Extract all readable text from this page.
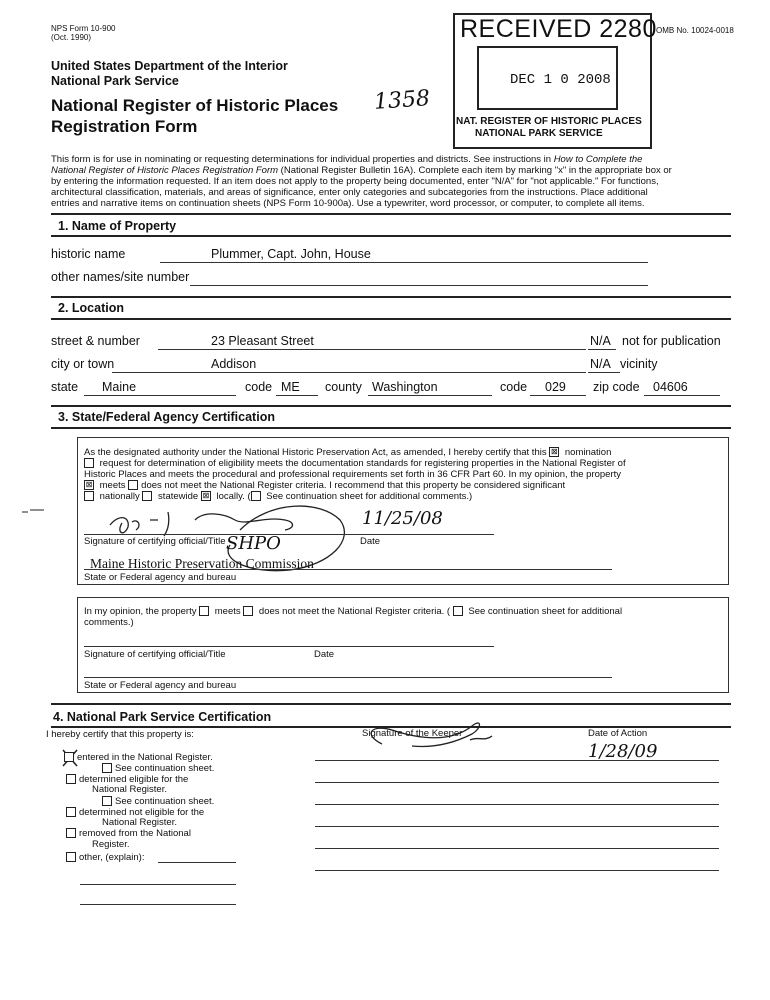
NPS Form 10-900
(Oct. 1990)
OMB No. 10024-0018
United States Department of the Interior
National Park Service
National Register of Historic Places
Registration Form
1358
RECEIVED 2280
DEC 1 0 2008
NAT. REGISTER OF HISTORIC PLACES
NATIONAL PARK SERVICE
This form is for use in nominating or requesting determinations for individual properties and districts. See instructions in How to Complete the
National Register of Historic Places Registration Form (National Register Bulletin 16A). Complete each item by marking "x" in the appropriate box or
by entering the information requested. If an item does not apply to the property being documented, enter "N/A" for "not applicable." For functions,
architectural classification, materials, and areas of significance, enter only categories and subcategories from the instructions. Place additional
entries and narrative items on continuation sheets (NPS Form 10-900a). Use a typewriter, word processor, or computer, to complete all items.
1. Name of Property
historic name	Plummer, Capt. John, House
other names/site number
2. Location
street & number	23 Pleasant Street	N/A not for publication
city or town	Addison	N/A vicinity
state Maine	code ME county Washington	code 029 zip code 04606
3. State/Federal Agency Certification
As the designated authority under the National Historic Preservation Act, as amended, I hereby certify that this ⊠ nomination
request for determination of eligibility meets the documentation standards for registering properties in the National Register of
Historic Places and meets the procedural and professional requirements set forth in 36 CFR Part 60. In my opinion, the property
⊠ meets does not meet the National Register criteria. I recommend that this property be considered significant
nationally  statewide ⊠ locally. ( See continuation sheet for additional comments.)
11/25/08
SHPO
Signature of certifying official/Title	Date
Maine Historic Preservation Commission
State or Federal agency and bureau
In my opinion, the property  meets  does not meet the National Register criteria. (  See continuation sheet for additional
comments.)
Signature of certifying official/Title	Date
State or Federal agency and bureau
4. National Park Service Certification
I hereby certify that this property is:	Signature of the Keeper	Date of Action
1/28/09
entered in the National Register.
See continuation sheet.
determined eligible for the
National Register.
See continuation sheet.
determined not eligible for the
National Register.
removed from the National
Register.
other, (explain):
